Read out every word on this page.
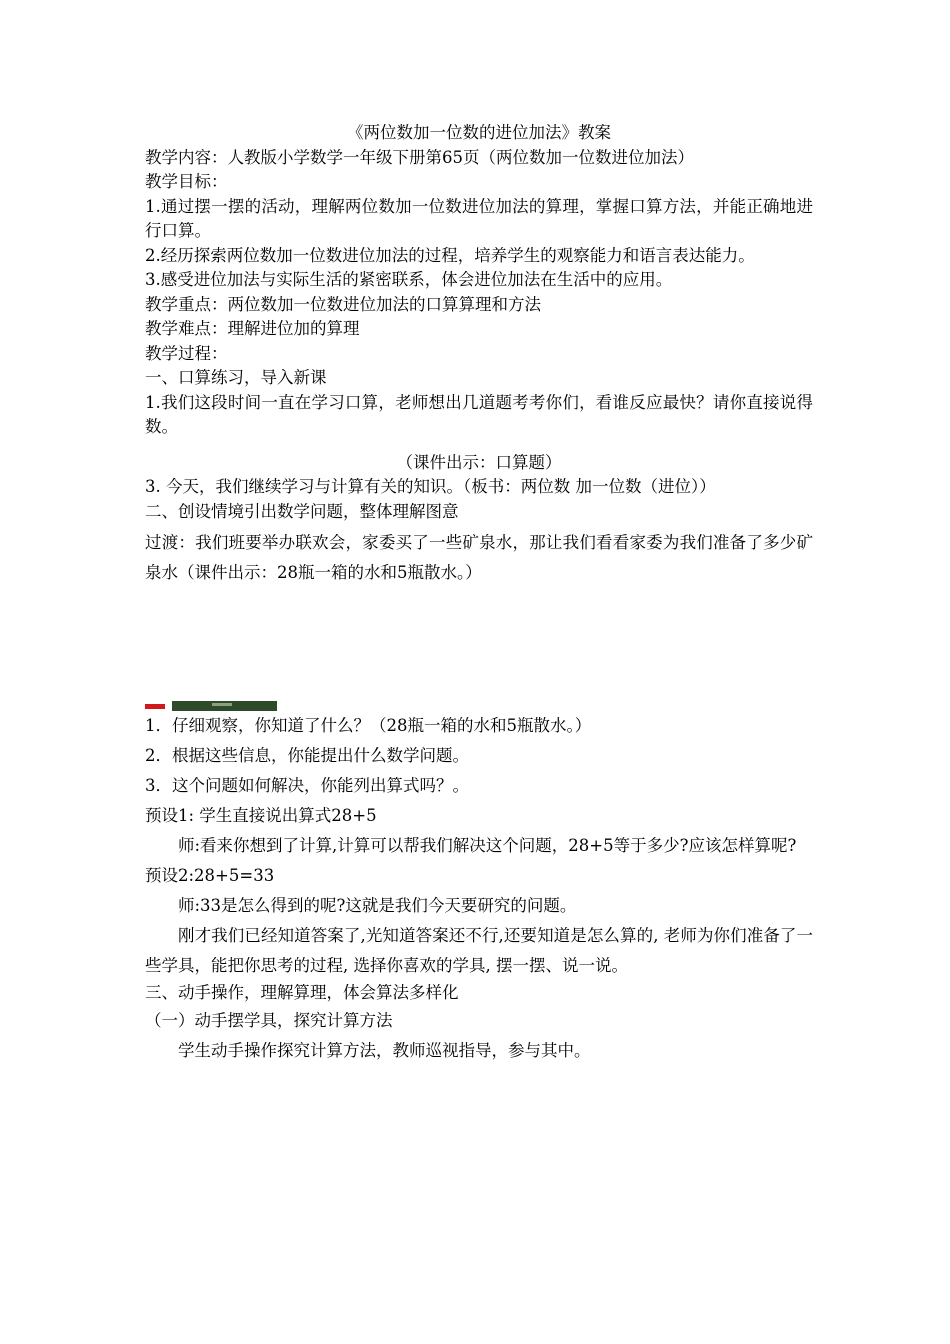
《两位数加一位数的进位加法》教案

教学内容：人教版小学数学一年级下册第65页（两位数加一位数进位加法）

教学目标：

1.通过摆一摆的活动，理解两位数加一位数进位加法的算理，掌握口算方法，并能正确地进行口算。

2.经历探索两位数加一位数进位加法的过程，培养学生的观察能力和语言表达能力。

3.感受进位加法与实际生活的紧密联系，体会进位加法在生活中的应用。

教学重点：两位数加一位数进位加法的口算算理和方法

教学难点：理解进位加的算理

教学过程：

一、口算练习，导入新课

1.我们这段时间一直在学习口算，老师想出几道题考考你们，看谁反应最快？请你直接说得数。

（课件出示：口算题）

3. 今天，我们继续学习与计算有关的知识。（板书：两位数 加一位数（进位））

二、创设情境引出数学问题，整体理解图意

过渡：我们班要举办联欢会，家委买了一些矿泉水，那让我们看看家委为我们准备了多少矿泉水（课件出示：28瓶一箱的水和5瓶散水。）

1．仔细观察，你知道了什么？（28瓶一箱的水和5瓶散水。）

2．根据这些信息，你能提出什么数学问题。

3．这个问题如何解决，你能列出算式吗？。

预设1: 学生直接说出算式28+5

师:看来你想到了计算,计算可以帮我们解决这个问题，28+5等于多少?应该怎样算呢?

预设2:28+5=33

师:33是怎么得到的呢?这就是我们今天要研究的问题。

刚才我们已经知道答案了,光知道答案还不行,还要知道是怎么算的, 老师为你们准备了一些学具，能把你思考的过程, 选择你喜欢的学具, 摆一摆、说一说。

三、动手操作，理解算理，体会算法多样化

（一）动手摆学具，探究计算方法

学生动手操作探究计算方法，教师巡视指导，参与其中。
